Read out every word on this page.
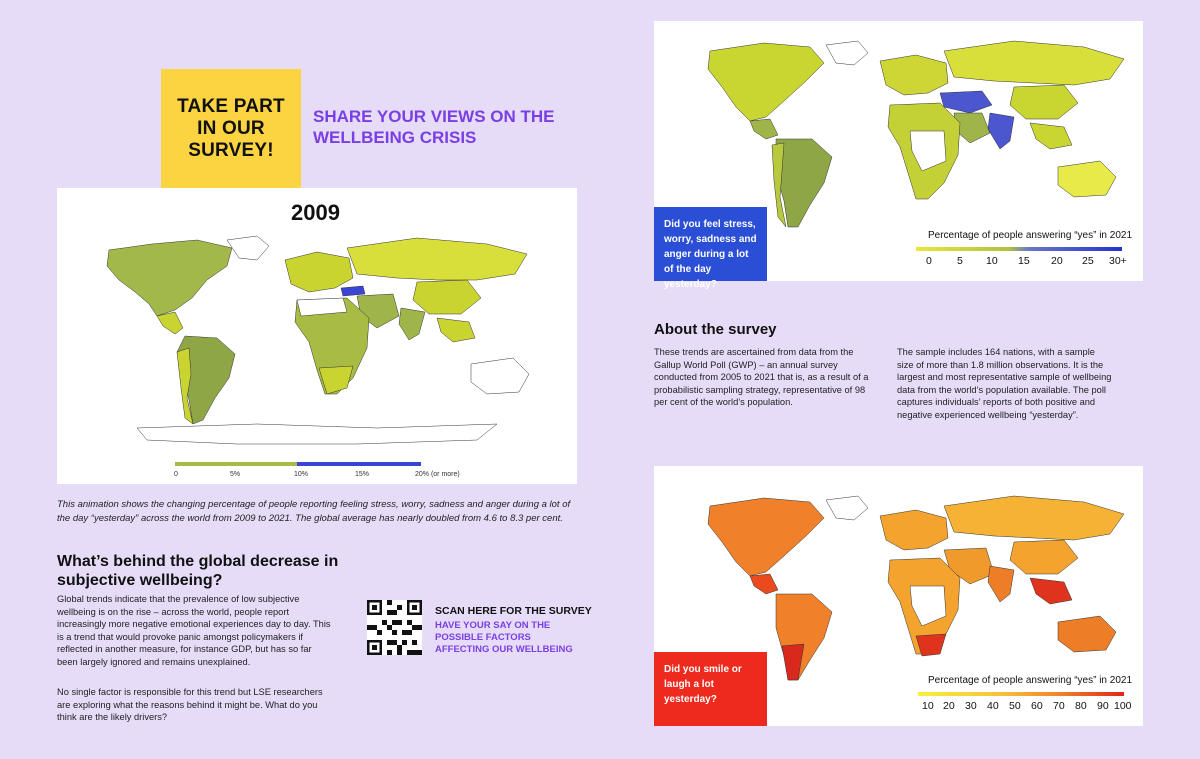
TAKE PART IN OUR SURVEY!
SHARE YOUR VIEWS ON THE WELLBEING CRISIS
2009
0	5%	10%	15%	20% (or more)
This animation shows the changing percentage of people reporting feeling stress, worry, sadness and anger during a lot of the day “yesterday” across the world from 2009 to 2021. The global average has nearly doubled from 4.6 to 8.3 per cent.
What’s behind the global decrease in subjective wellbeing?
Global trends indicate that the prevalence of low subjective wellbeing is on the rise – across the world, people report increasingly more negative emotional experiences day to day. This is a trend that would provoke panic amongst policymakers if reflected in another measure, for instance GDP, but has so far been largely ignored and remains unexplained.
No single factor is responsible for this trend but LSE researchers are exploring what the reasons behind it might be. What do you think are the likely drivers?
SCAN HERE FOR THE SURVEY
HAVE YOUR SAY ON THE POSSIBLE FACTORS AFFECTING OUR WELLBEING
Did you feel stress, worry, sadness and anger during a lot of the day yesterday?
Percentage of people answering “yes” in 2021
0 5 10 15 20 25 30+
About the survey
These trends are ascertained from data from the Gallup World Poll (GWP) – an annual survey conducted from 2005 to 2021 that is, as a result of a probabilistic sampling strategy, representative of 98 per cent of the world’s population.
The sample includes 164 nations, with a sample size of more than 1.8 million observations. It is the largest and most representative sample of wellbeing data from the world’s population available. The poll captures individuals’ reports of both positive and negative experienced wellbeing “yesterday”.
Did you smile or laugh a lot yesterday?
Percentage of people answering “yes” in 2021
10 20 30 40 50 60 70 80 90 100
